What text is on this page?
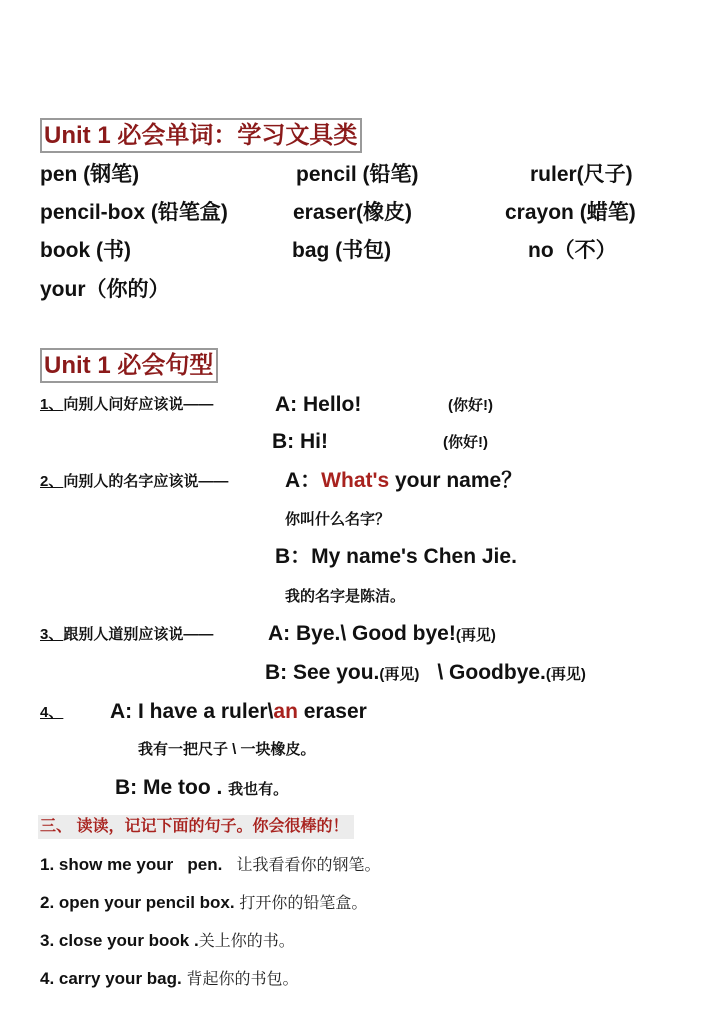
Unit 1 必会单词：学习文具类
pen (钢笔)	pencil (铅笔)	ruler(尺子)
pencil-box (铅笔盒)	eraser(橡皮)	crayon (蜡笔)
book (书)	bag (书包)	no（不）
your（你的）
Unit 1 必会句型
1、向别人问好应该说——	A: Hello!	(你好!)
B: Hi!	(你好!)
2、向别人的名字应该说——	A：What's your name？
你叫什么名字？
B：My name's Chen Jie.
我的名字是陈洁。
3、跟别人道别应该说——	A: Bye.\ Good bye!(再见)
B: See you.(再见) \ Goodbye.(再见)
4、	A: I have a ruler\an eraser
我有一把尺子 \ 一块橡皮。
B: Me too . 我也有。
三、 读读，记记下面的句子。你会很棒的！
1. show me your   pen. 让我看看你的钢笔。
2. open your pencil box. 打开你的铅笔盒。
3. close your book .关上你的书。
4. carry your bag. 背起你的书包。
